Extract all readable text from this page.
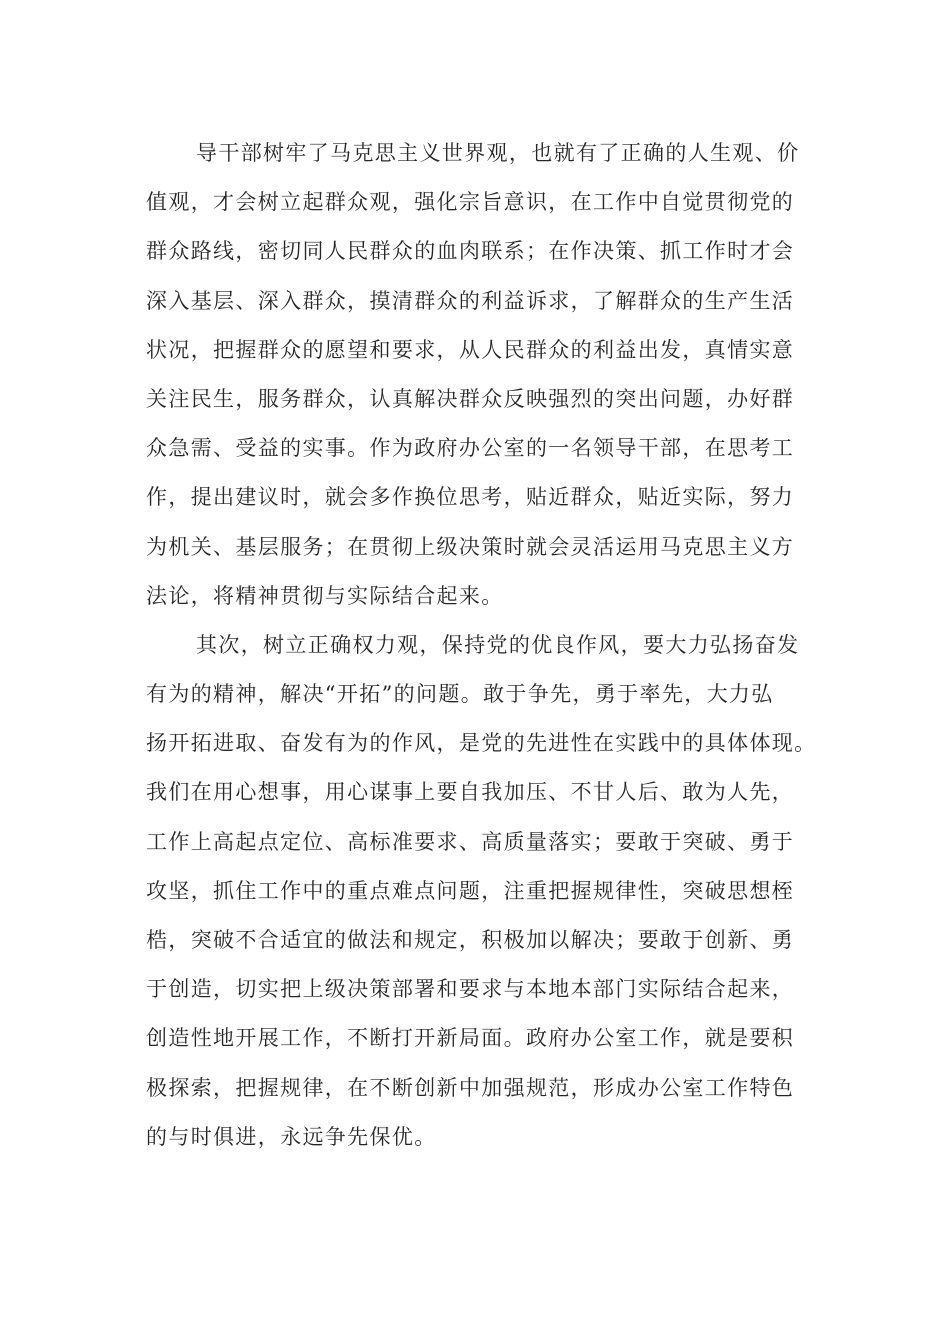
导干部树牢了马克思主义世界观，也就有了正确的人生观、价
值观，才会树立起群众观，强化宗旨意识，在工作中自觉贯彻党的
群众路线，密切同人民群众的血肉联系；在作决策、抓工作时才会
深入基层、深入群众，摸清群众的利益诉求，了解群众的生产生活
状况，把握群众的愿望和要求，从人民群众的利益出发，真情实意
关注民生，服务群众，认真解决群众反映强烈的突出问题，办好群
众急需、受益的实事。作为政府办公室的一名领导干部，在思考工
作，提出建议时，就会多作换位思考，贴近群众，贴近实际，努力
为机关、基层服务；在贯彻上级决策时就会灵活运用马克思主义方
法论，将精神贯彻与实际结合起来。
其次，树立正确权力观，保持党的优良作风，要大力弘扬奋发
有为的精神，解决“开拓”的问题。敢于争先，勇于率先，大力弘
扬开拓进取、奋发有为的作风，是党的先进性在实践中的具体体现。
我们在用心想事，用心谋事上要自我加压、不甘人后、敢为人先，
工作上高起点定位、高标准要求、高质量落实；要敢于突破、勇于
攻坚，抓住工作中的重点难点问题，注重把握规律性，突破思想桎
梏，突破不合适宜的做法和规定，积极加以解决；要敢于创新、勇
于创造，切实把上级决策部署和要求与本地本部门实际结合起来，
创造性地开展工作，不断打开新局面。政府办公室工作，就是要积
极探索，把握规律，在不断创新中加强规范，形成办公室工作特色
的与时俱进，永远争先保优。
